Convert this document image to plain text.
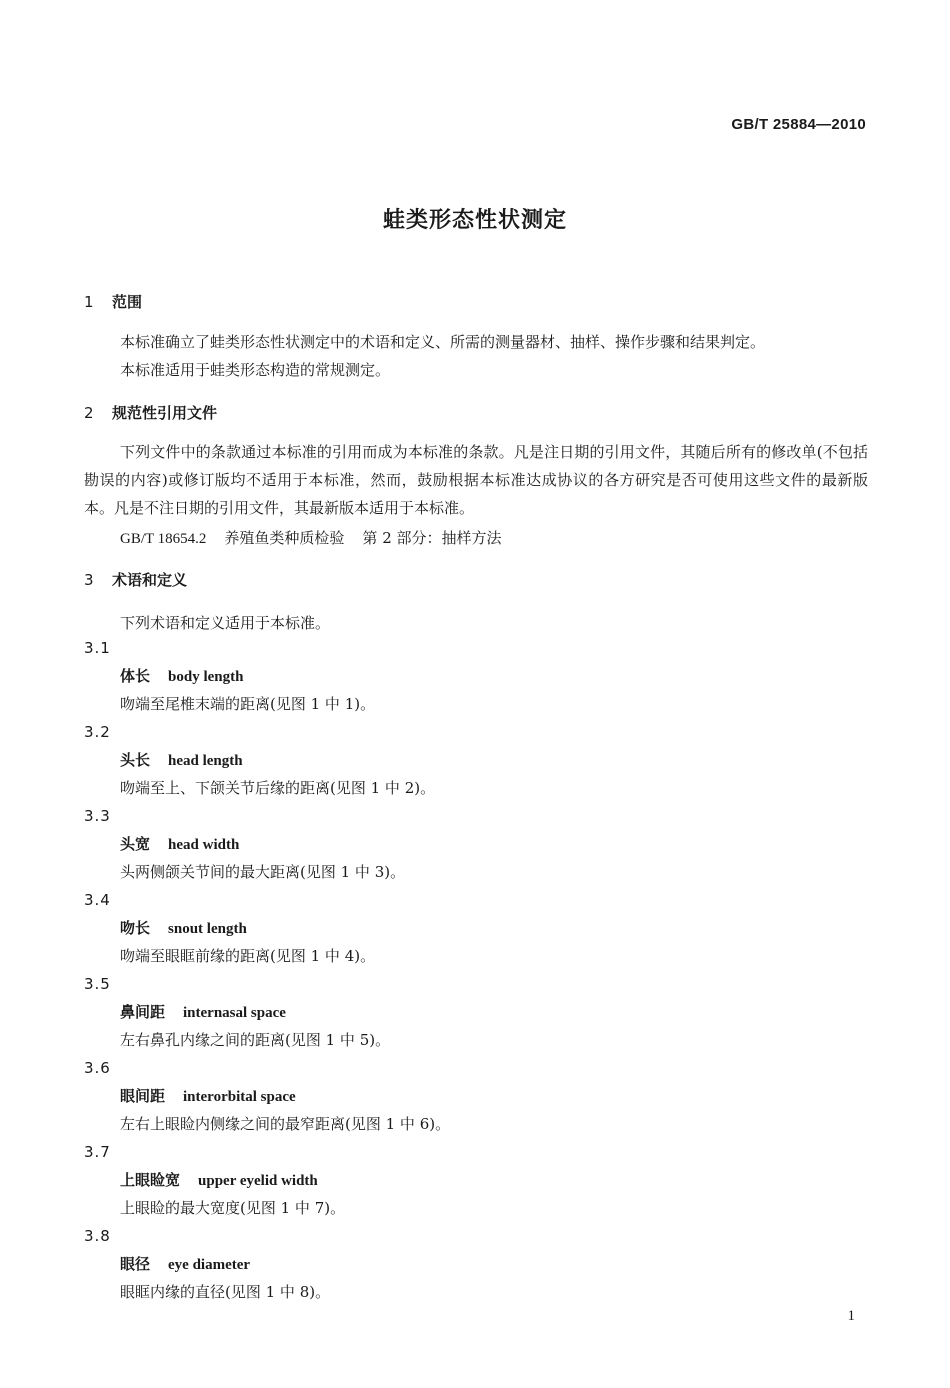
GB/T 25884—2010
蛙类形态性状测定
1 范围
本标准确立了蛙类形态性状测定中的术语和定义、所需的测量器材、抽样、操作步骤和结果判定。
本标准适用于蛙类形态构造的常规测定。
2 规范性引用文件
下列文件中的条款通过本标准的引用而成为本标准的条款。凡是注日期的引用文件，其随后所有的修改单(不包括勘误的内容)或修订版均不适用于本标准，然而，鼓励根据本标准达成协议的各方研究是否可使用这些文件的最新版本。凡是不注日期的引用文件，其最新版本适用于本标准。
GB/T 18654.2 养殖鱼类种质检验 第 2 部分：抽样方法
3 术语和定义
下列术语和定义适用于本标准。
3.1
体长 body length
吻端至尾椎末端的距离(见图 1 中 1)。
3.2
头长 head length
吻端至上、下颌关节后缘的距离(见图 1 中 2)。
3.3
头宽 head width
头两侧颌关节间的最大距离(见图 1 中 3)。
3.4
吻长 snout length
吻端至眼眶前缘的距离(见图 1 中 4)。
3.5
鼻间距 internasal space
左右鼻孔内缘之间的距离(见图 1 中 5)。
3.6
眼间距 interorbital space
左右上眼睑内侧缘之间的最窄距离(见图 1 中 6)。
3.7
上眼睑宽 upper eyelid width
上眼睑的最大宽度(见图 1 中 7)。
3.8
眼径 eye diameter
眼眶内缘的直径(见图 1 中 8)。
1
